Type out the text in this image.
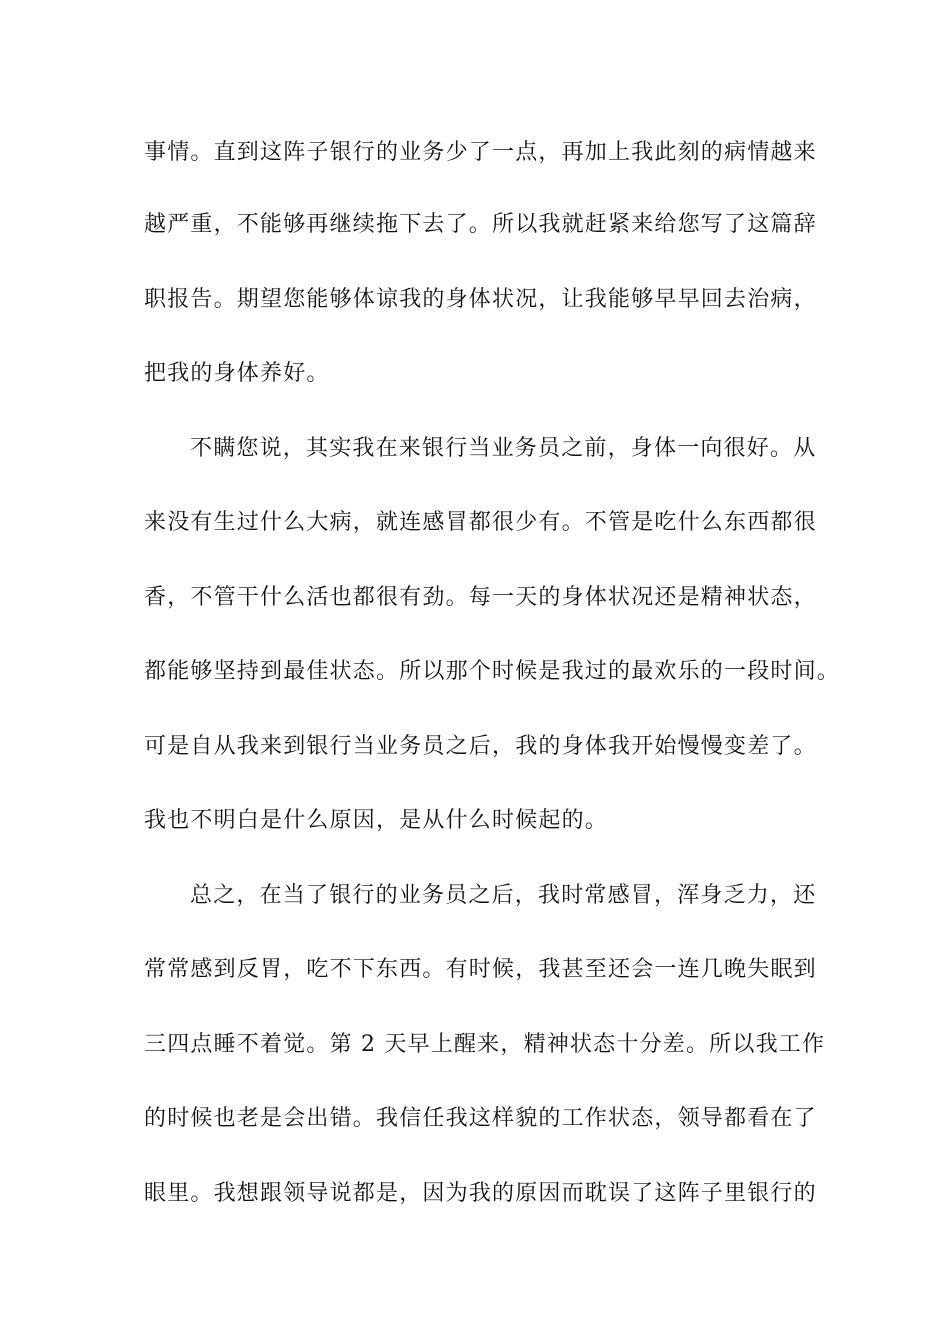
事情。直到这阵子银行的业务少了一点，再加上我此刻的病情越来
越严重，不能够再继续拖下去了。所以我就赶紧来给您写了这篇辞
职报告。期望您能够体谅我的身体状况，让我能够早早回去治病，
把我的身体养好。
不瞒您说，其实我在来银行当业务员之前，身体一向很好。从
来没有生过什么大病，就连感冒都很少有。不管是吃什么东西都很
香，不管干什么活也都很有劲。每一天的身体状况还是精神状态，
都能够坚持到最佳状态。所以那个时候是我过的最欢乐的一段时间。
可是自从我来到银行当业务员之后，我的身体我开始慢慢变差了。
我也不明白是什么原因，是从什么时候起的。
总之，在当了银行的业务员之后，我时常感冒，浑身乏力，还
常常感到反胃，吃不下东西。有时候，我甚至还会一连几晚失眠到
三四点睡不着觉。第 2 天早上醒来，精神状态十分差。所以我工作
的时候也老是会出错。我信任我这样貌的工作状态，领导都看在了
眼里。我想跟领导说都是，因为我的原因而耽误了这阵子里银行的
